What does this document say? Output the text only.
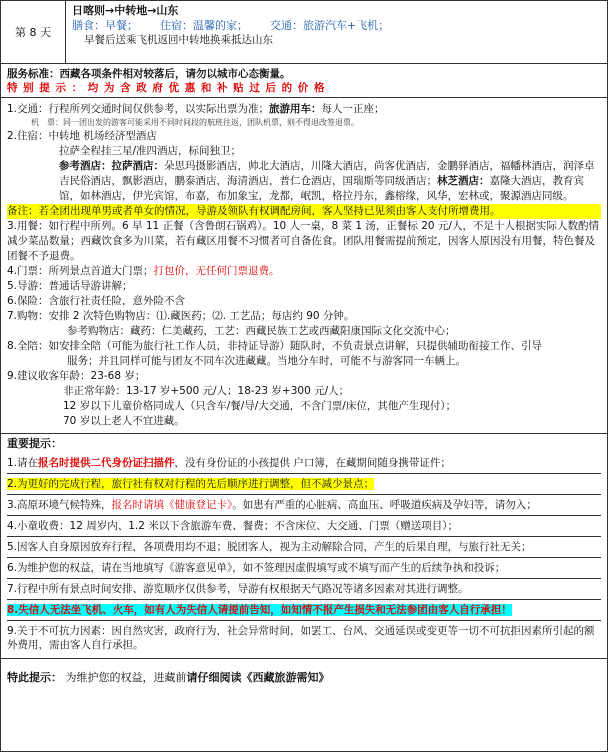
第 8 天
日喀则→中转地→山东
膳食：早餐； 住宿：温馨的家； 交通：旅游汽车+飞机；
早餐后送乘飞机返回中转地换乘抵达山东
服务标准：西藏各项条件相对较落后，请勿以城市心态衡量。
特 别 提 示 ： 均 为 含 政 府 优 惠 和 补 贴 过 后 的 价 格

1.交通：行程所列交通时间仅供参考，以实际出票为准；旅游用车：每人一正座；

机　票：同一团出发的游客可能采用不同时间段的航班往返，团队机票，则不得退改签退票。

2.住宿：中转地 机场经济型酒店

拉萨全程挂三星/准四酒店，标间独卫；

参考酒店：拉萨酒店：朵思玛摄影酒店，帅北大酒店，川隆大酒店，尚客优酒店，金鹏驿酒店，福幡林酒店，润泽卓吉民俗酒店，飘影酒店，鹏泰酒店，海清酒店，普仁仓酒店，国瑞斯等同级酒店；林芝酒店：嘉隆大酒店，教育宾馆，如林酒店，伊光宾馆，布嘉，布加象宝，龙都，岷凯，格拉丹东，鑫榕缘，风华，宏林或，聚源酒店同级。

备注：若全团出现单男或者单女的情况，导游及领队有权调配房间，客人坚持已见须由客人支付所增费用。

3.用餐：如行程中所列。6 早 11 正餐（含鲁朗石锅鸡）。10 人一桌，8 菜 1 汤，正餐标 20 元/人，不足十人根据实际人数酌情减少菜品数量；西藏饮食多为川菜，若有藏区用餐不习惯者可自备佐食。团队用餐需提前预定，因客人原因没有用餐，特色餐及团餐不予退费。

4.门票：所列景点首道大门票；打包价，无任何门票退费。

5.导游：普通话导游讲解；

6.保险：含旅行社责任险，意外险不含

7.购物：安排 2 次特色购物店：⑴.藏医药；⑵. 工艺品；每店约 90 分钟。

参考购物店：藏药：仁美藏药，工艺：西藏民族工艺或西藏阳康国际文化交流中心；

8.全陪：如安排全陪（可能为旅行社工作人员，非持证导游）随队时，不负责景点讲解，只提供辅助衔接工作、引导

服务；并且同样可能与团友不同车次进藏藏。当地分车时，可能不与游客同一车辆上。

9.建议收客年龄：23-68 岁；

非正常年龄：13-17 岁+500 元/人；18-23 岁+300 元/人；

12 岁以下儿童价格同成人（只含车/餐/导/大交通，不含门票/床位，其他产生现付）；

70 岁以上老人不宜进藏。

重要提示：

1.请在报名时提供二代身份证扫描件，没有身份证的小孩提供 户口簿，在藏期间随身携带证件；

2.为更好的完成行程，旅行社有权对行程的先后顺序进行调整，但不减少景点；

3.高原环境气候特殊，报名时请填《健康登记卡》。如患有严重的心脏病、高血压、呼吸道疾病及孕妇等，请勿入；

4.小童收费：12 周岁内、1.2 米以下含旅游车费、餐费；不含床位、大交通、门票（赠送项目）；

5.因客人自身原因放弃行程，各项费用均不退；脱团客人，视为主动解除合同，产生的后果自理，与旅行社无关；

6.为维护您的权益，请在当地填写《游客意见单》，如不签理因虚假填写或不填写而产生的后续争执和投诉；

7.行程中所有景点时间安排、游览顺序仅供参考，导游有权根据天气路况等诸多因素对其进行调整。

8.失信人无法坐飞机、火车，如有人为失信人请提前告知，如知情不报产生损失和无法参团由客人自行承担！

9.关于不可抗力因素：因自然灾害，政府行为，社会异常时间，如罢工、台风、交通延误或变更等一切不可抗拒因素所引起的额外费用，需由客人自行承担。

特此提示： 为维护您的权益，进藏前请仔细阅读《西藏旅游需知》
